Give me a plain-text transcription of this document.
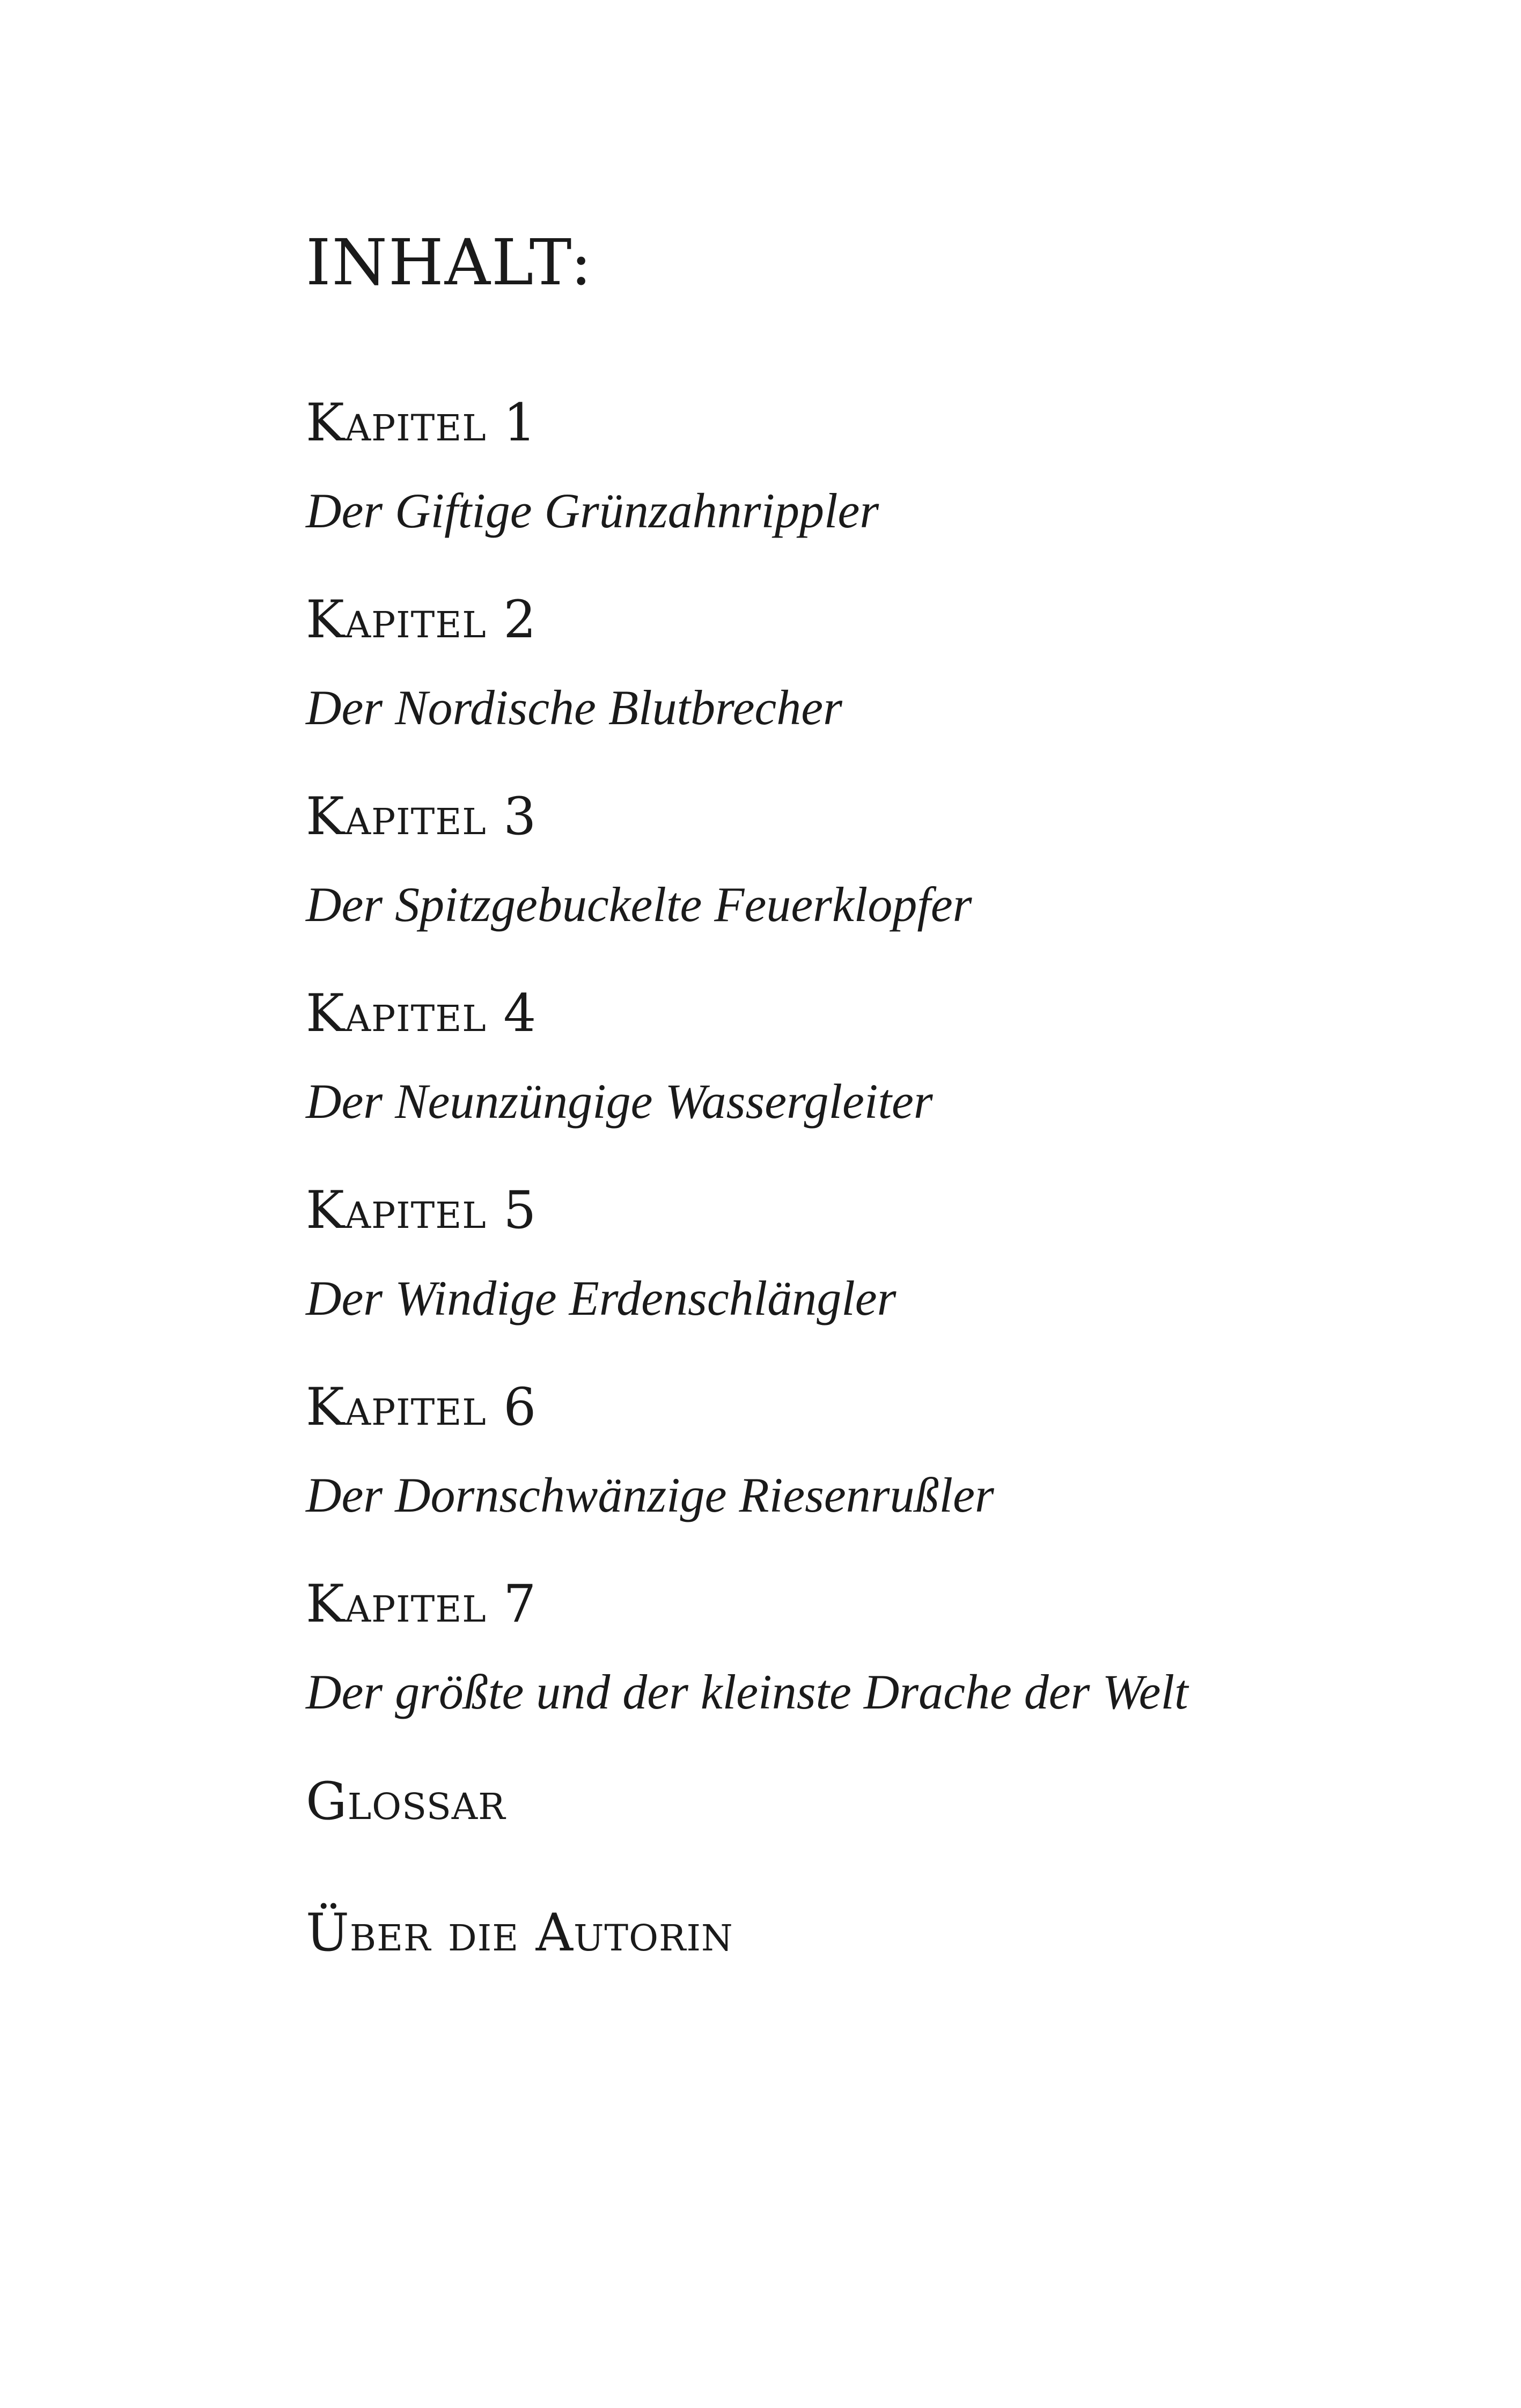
INHALT:
Kapitel 1
Der Giftige Grünzahnrippler
Kapitel 2
Der Nordische Blutbrecher
Kapitel 3
Der Spitzgebuckelte Feuerklopfer
Kapitel 4
Der Neunzüngige Wassergleiter
Kapitel 5
Der Windige Erdenschlängler
Kapitel 6
Der Dornschwänzige Riesenrußler
Kapitel 7
Der größte und der kleinste Drache der Welt
Glossar
Über die Autorin
